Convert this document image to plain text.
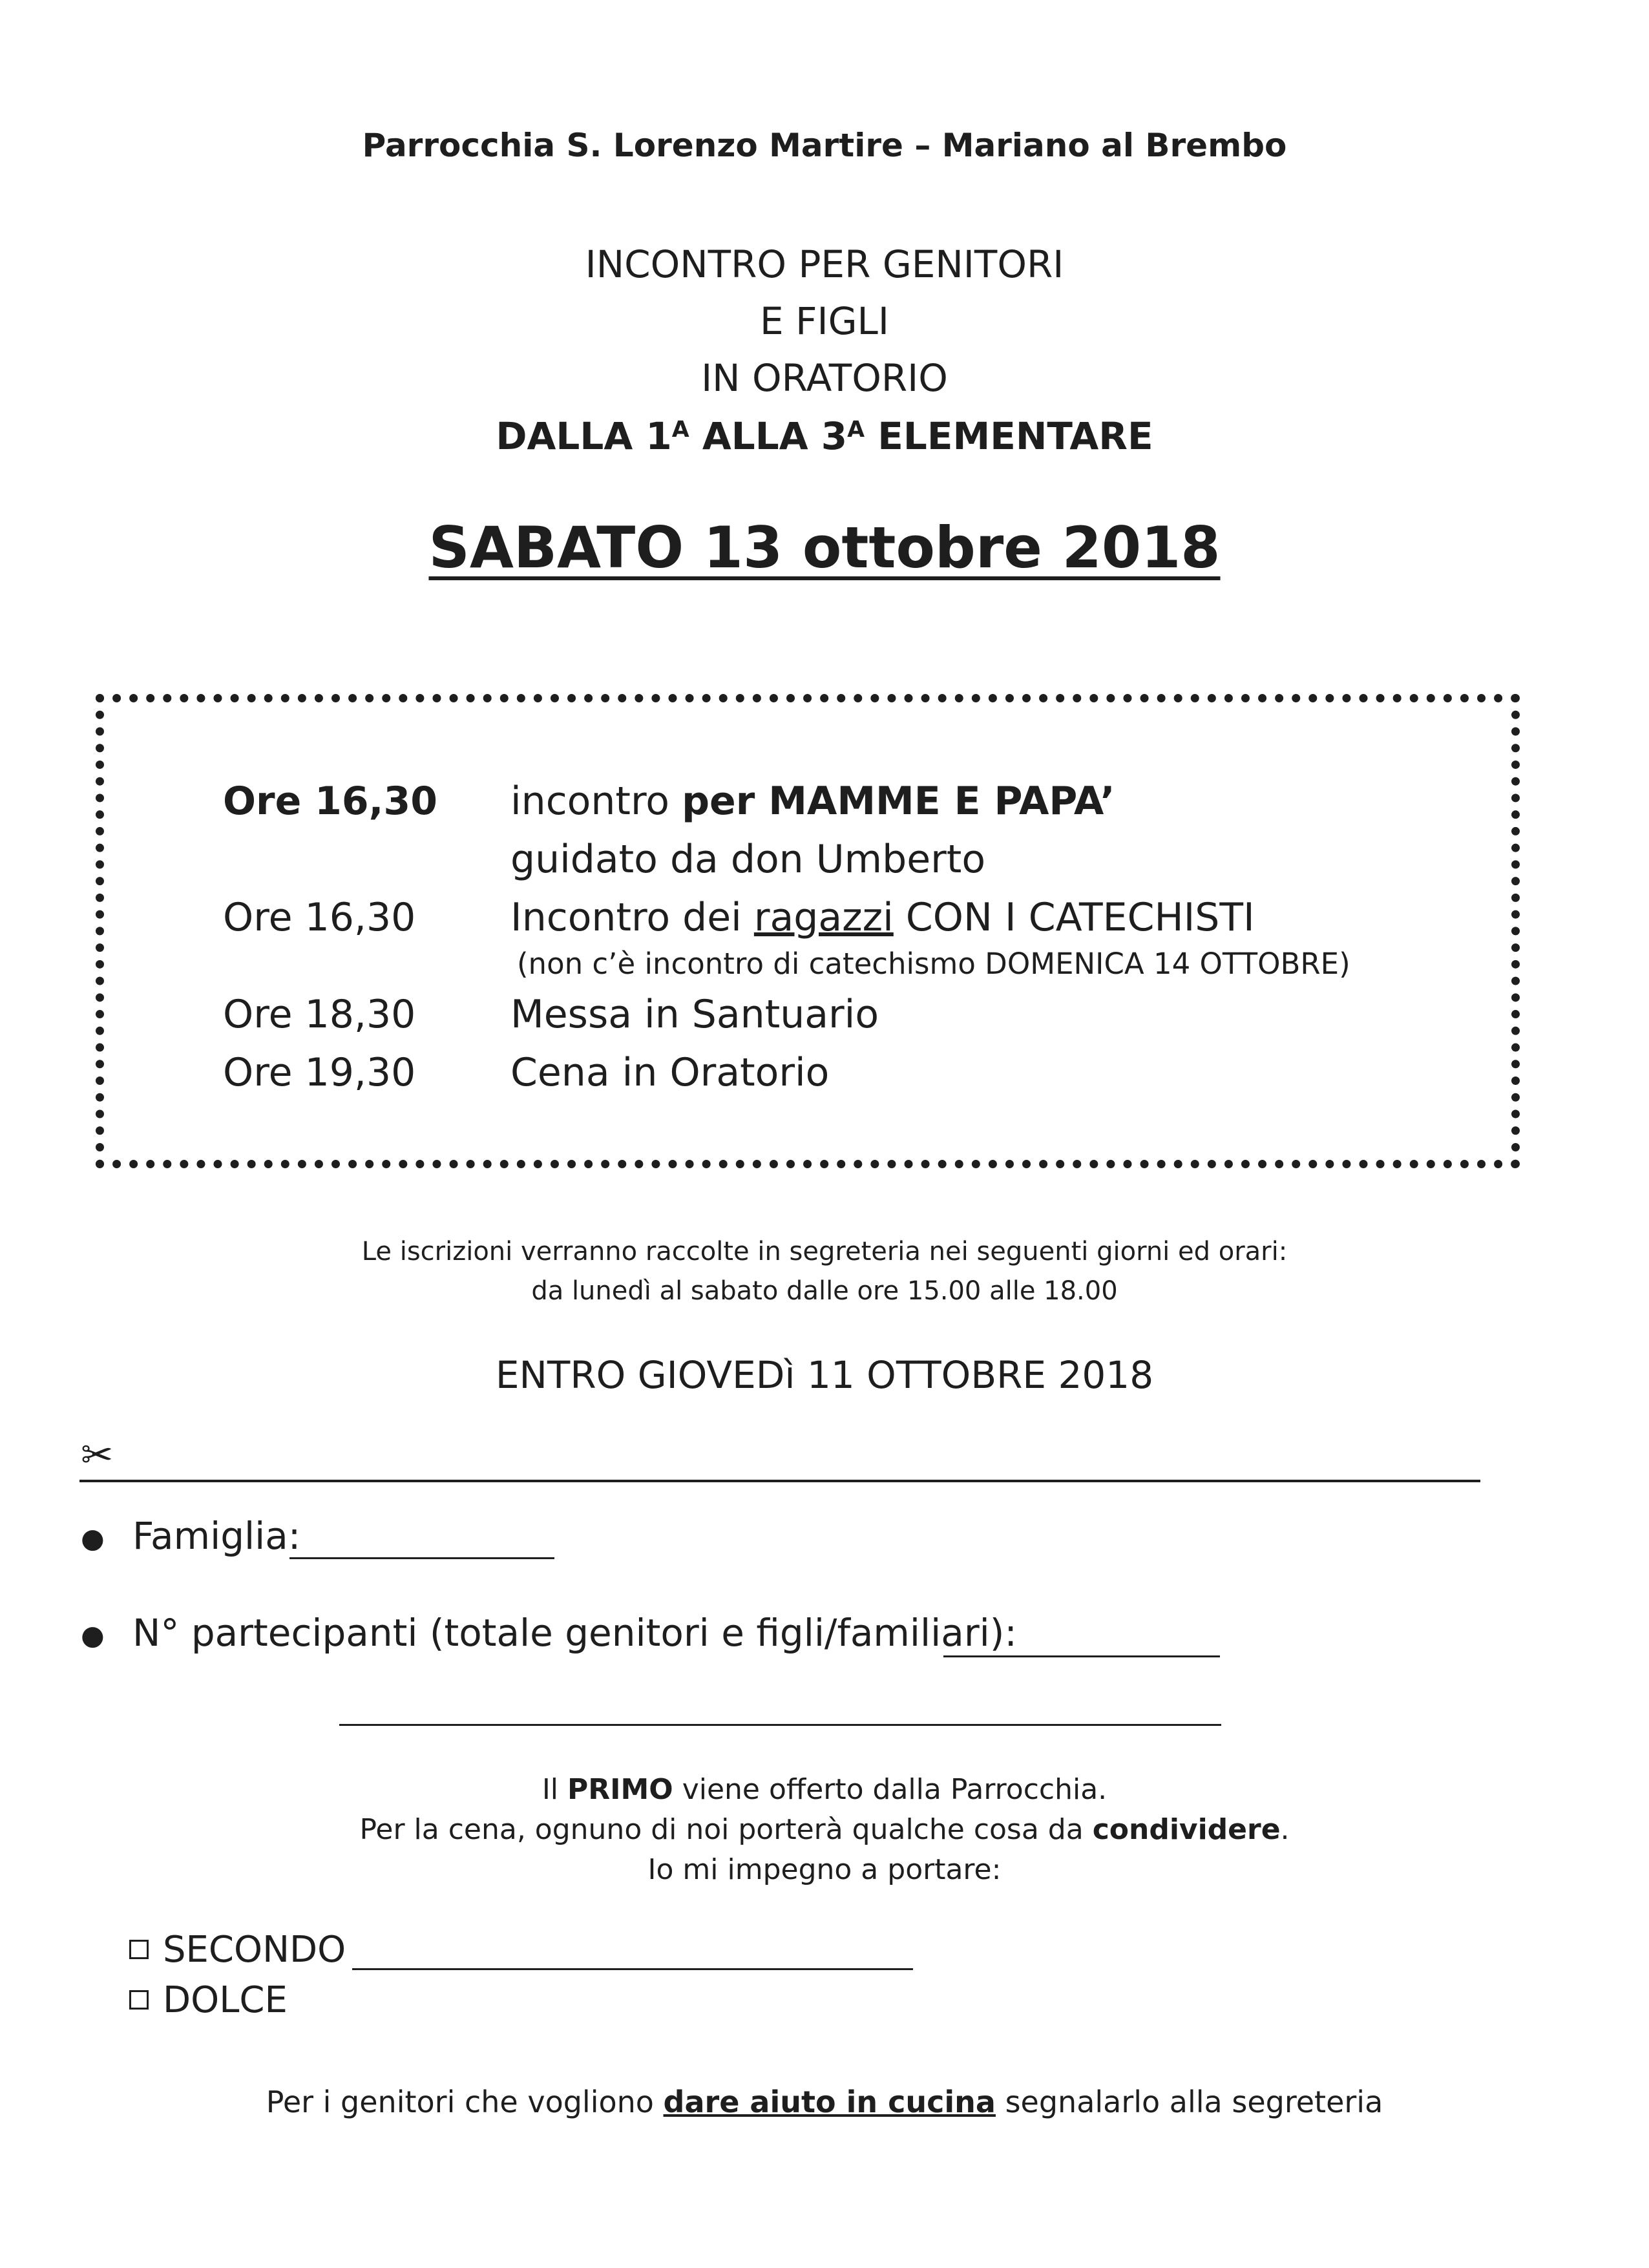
Parrocchia S. Lorenzo Martire – Mariano al Brembo
INCONTRO PER GENITORI
E FIGLI
IN ORATORIO
DALLA $1^A$ ALLA $3^A$ ELEMENTARE
SABATO 13 ottobre 2018
Ore 16,30 incontro per MAMME E PAPA’
guidato da don Umberto
Ore 16,30 Incontro dei ragazzi CON I CATECHISTI
(non c’è incontro di catechismo DOMENICA 14 OTTOBRE)
Ore 18,30 Messa in Santuario
Ore 19,30 Cena in Oratorio
Le iscrizioni verranno raccolte in segreteria nei seguenti giorni ed orari:
da lunedì al sabato dalle ore 15.00 alle 18.00
ENTRO GIOVEDì 11 OTTOBRE 2018
✂
● Famiglia:
● N° partecipanti (totale genitori e figli/familiari):
Il PRIMO viene offerto dalla Parrocchia.
Per la cena, ognuno di noi porterà qualche cosa da condividere.
Io mi impegno a portare:
SECONDO
DOLCE
Per i genitori che vogliono dare aiuto in cucina segnalarlo alla segreteria
